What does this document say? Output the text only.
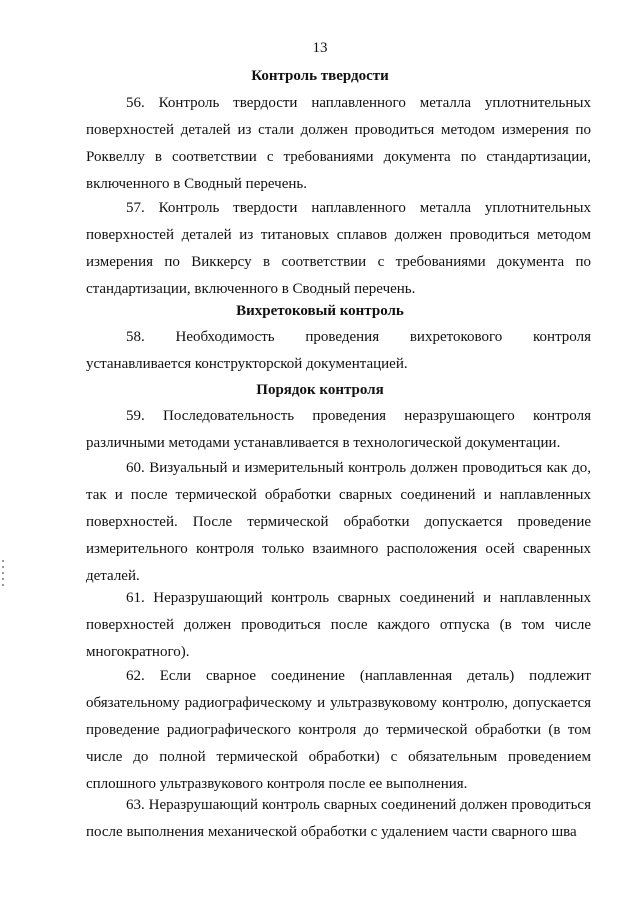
13
Контроль твердости

56. Контроль твердости наплавленного металла уплотнительных поверхностей деталей из стали должен проводиться методом измерения по Роквеллу в соответствии с требованиями документа по стандартизации, включенного в Сводный перечень.

57. Контроль твердости наплавленного металла уплотнительных поверхностей деталей из титановых сплавов должен проводиться методом измерения по Виккерсу в соответствии с требованиями документа по стандартизации, включенного в Сводный перечень.

Вихретоковый контроль

58. Необходимость проведения вихретокового контроля устанавливается конструкторской документацией.

Порядок контроля

59. Последовательность проведения неразрушающего контроля различными методами устанавливается в технологической документации.

60. Визуальный и измерительный контроль должен проводиться как до, так и после термической обработки сварных соединений и наплавленных поверхностей. После термической обработки допускается проведение измерительного контроля только взаимного расположения осей сваренных деталей.

61. Неразрушающий контроль сварных соединений и наплавленных поверхностей должен проводиться после каждого отпуска (в том числе многократного).

62. Если сварное соединение (наплавленная деталь) подлежит обязательному радиографическому и ультразвуковому контролю, допускается проведение радиографического контроля до термической обработки (в том числе до полной термической обработки) с обязательным проведением сплошного ультразвукового контроля после ее выполнения.

63. Неразрушающий контроль сварных соединений должен проводиться после выполнения механической обработки с удалением части сварного шва
